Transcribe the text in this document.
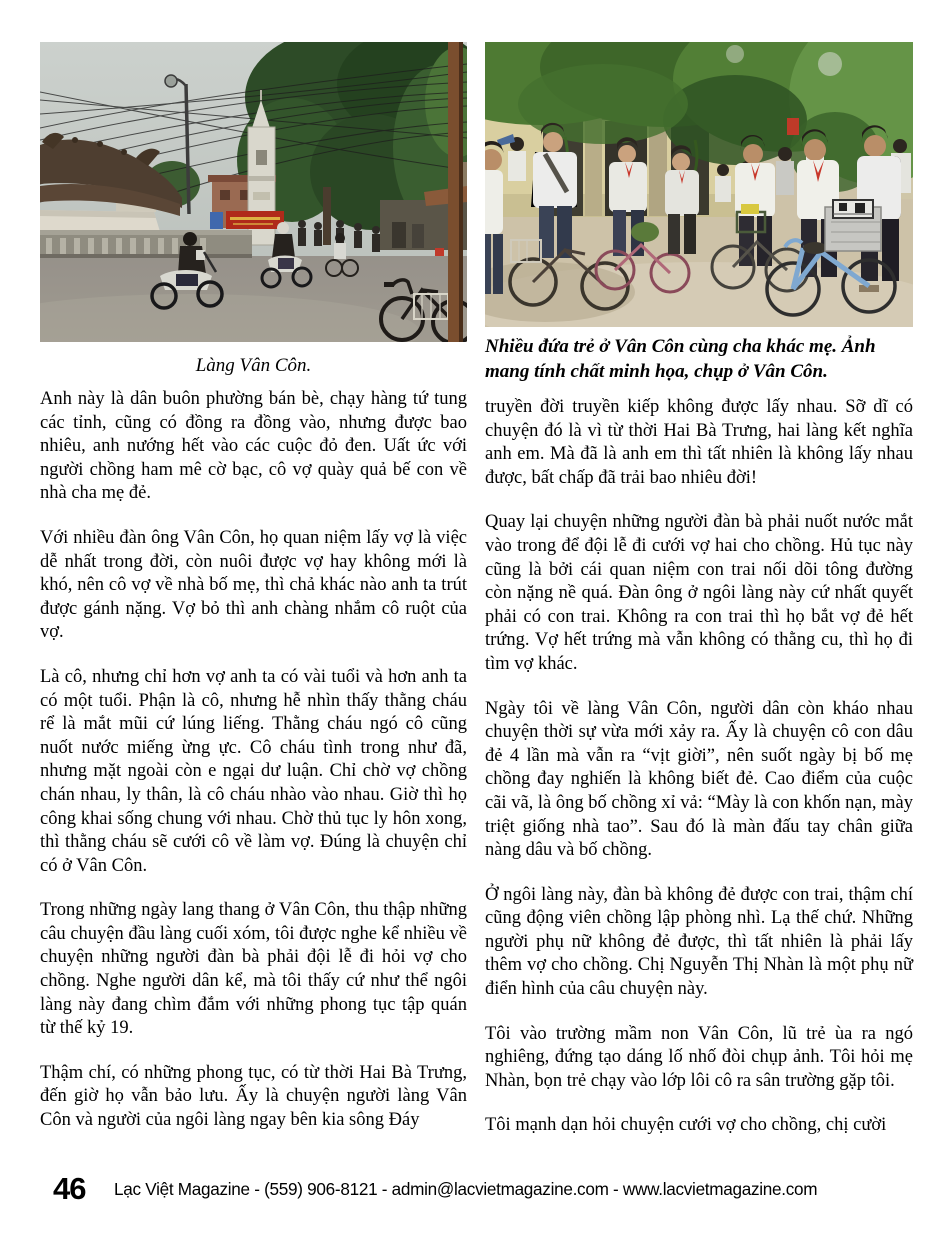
Làng Vân Côn.

Anh này là dân buôn phường bán bè, chạy hàng tứ tung các tỉnh, cũng có đồng ra đồng vào, nhưng được bao nhiêu, anh nướng hết vào các cuộc đỏ đen. Uất ức với người chồng ham mê cờ bạc, cô vợ quày quả bế con về nhà cha mẹ đẻ.

Với nhiều đàn ông Vân Côn, họ quan niệm lấy vợ là việc dễ nhất trong đời, còn nuôi được vợ hay không mới là khó, nên cô vợ về nhà bố mẹ, thì chả khác nào anh ta trút được gánh nặng. Vợ bỏ thì anh chàng nhắm cô ruột của vợ.

Là cô, nhưng chỉ hơn vợ anh ta có vài tuổi và hơn anh ta có một tuổi. Phận là cô, nhưng hễ nhìn thấy thằng cháu rể là mắt mũi cứ lúng liếng. Thằng cháu ngó cô cũng nuốt nước miếng ừng ực. Cô cháu tình trong như đã, nhưng mặt ngoài còn e ngại dư luận. Chỉ chờ vợ chồng chán nhau, ly thân, là cô cháu nhào vào nhau. Giờ thì họ công khai sống chung với nhau. Chờ thủ tục ly hôn xong, thì thằng cháu sẽ cưới cô về làm vợ. Đúng là chuyện chỉ có ở Vân Côn.

Trong những ngày lang thang ở Vân Côn, thu thập những câu chuyện đầu làng cuối xóm, tôi được nghe kể nhiều về chuyện những người đàn bà phải đội lễ đi hỏi vợ cho chồng. Nghe người dân kể, mà tôi thấy cứ như thể ngôi làng này đang chìm đắm với những phong tục tập quán từ thế kỷ 19.

Thậm chí, có những phong tục, có từ thời Hai Bà Trưng, đến giờ họ vẫn bảo lưu. Ấy là chuyện người làng Vân Côn và người của ngôi làng ngay bên kia sông Đáy

Nhiều đứa trẻ ở Vân Côn cùng cha khác mẹ. Ảnh mang tính chất minh họa, chụp ở Vân Côn.

truyền đời truyền kiếp không được lấy nhau. Sỡ dĩ có chuyện đó là vì từ thời Hai Bà Trưng, hai làng kết nghĩa anh em. Mà đã là anh em thì tất nhiên là không lấy nhau được, bất chấp đã trải bao nhiêu đời!

Quay lại chuyện những người đàn bà phải nuốt nước mắt vào trong để đội lễ đi cưới vợ hai cho chồng. Hủ tục này cũng là bởi cái quan niệm con trai nối dõi tông đường còn nặng nề quá. Đàn ông ở ngôi làng này cứ nhất quyết phải có con trai. Không ra con trai thì họ bắt vợ đẻ hết trứng. Vợ hết trứng mà vẫn không có thằng cu, thì họ đi tìm vợ khác.

Ngày tôi về làng Vân Côn, người dân còn kháo nhau chuyện thời sự vừa mới xảy ra. Ấy là chuyện cô con dâu đẻ 4 lần mà vẫn ra “vịt giời”, nên suốt ngày bị bố mẹ chồng đay nghiến là không biết đẻ. Cao điểm của cuộc cãi vã, là ông bố chồng xỉ vả: “Mày là con khốn nạn, mày triệt giống nhà tao”. Sau đó là màn đấu tay chân giữa nàng dâu và bố chồng.

Ở ngôi làng này, đàn bà không đẻ được con trai, thậm chí cũng động viên chồng lập phòng nhì. Lạ thế chứ. Những người phụ nữ không đẻ được, thì tất nhiên là phải lấy thêm vợ cho chồng. Chị Nguyễn Thị Nhàn là một phụ nữ điển hình của câu chuyện này.

Tôi vào trường mầm non Vân Côn, lũ trẻ ùa ra ngó nghiêng, đứng tạo dáng lố nhố đòi chụp ảnh. Tôi hỏi mẹ Nhàn, bọn trẻ chạy vào lớp lôi cô ra sân trường gặp tôi.

Tôi mạnh dạn hỏi chuyện cưới vợ cho chồng, chị cười

46 Lạc Việt Magazine - (559) 906-8121 - admin@lacvietmagazine.com - www.lacvietmagazine.com
